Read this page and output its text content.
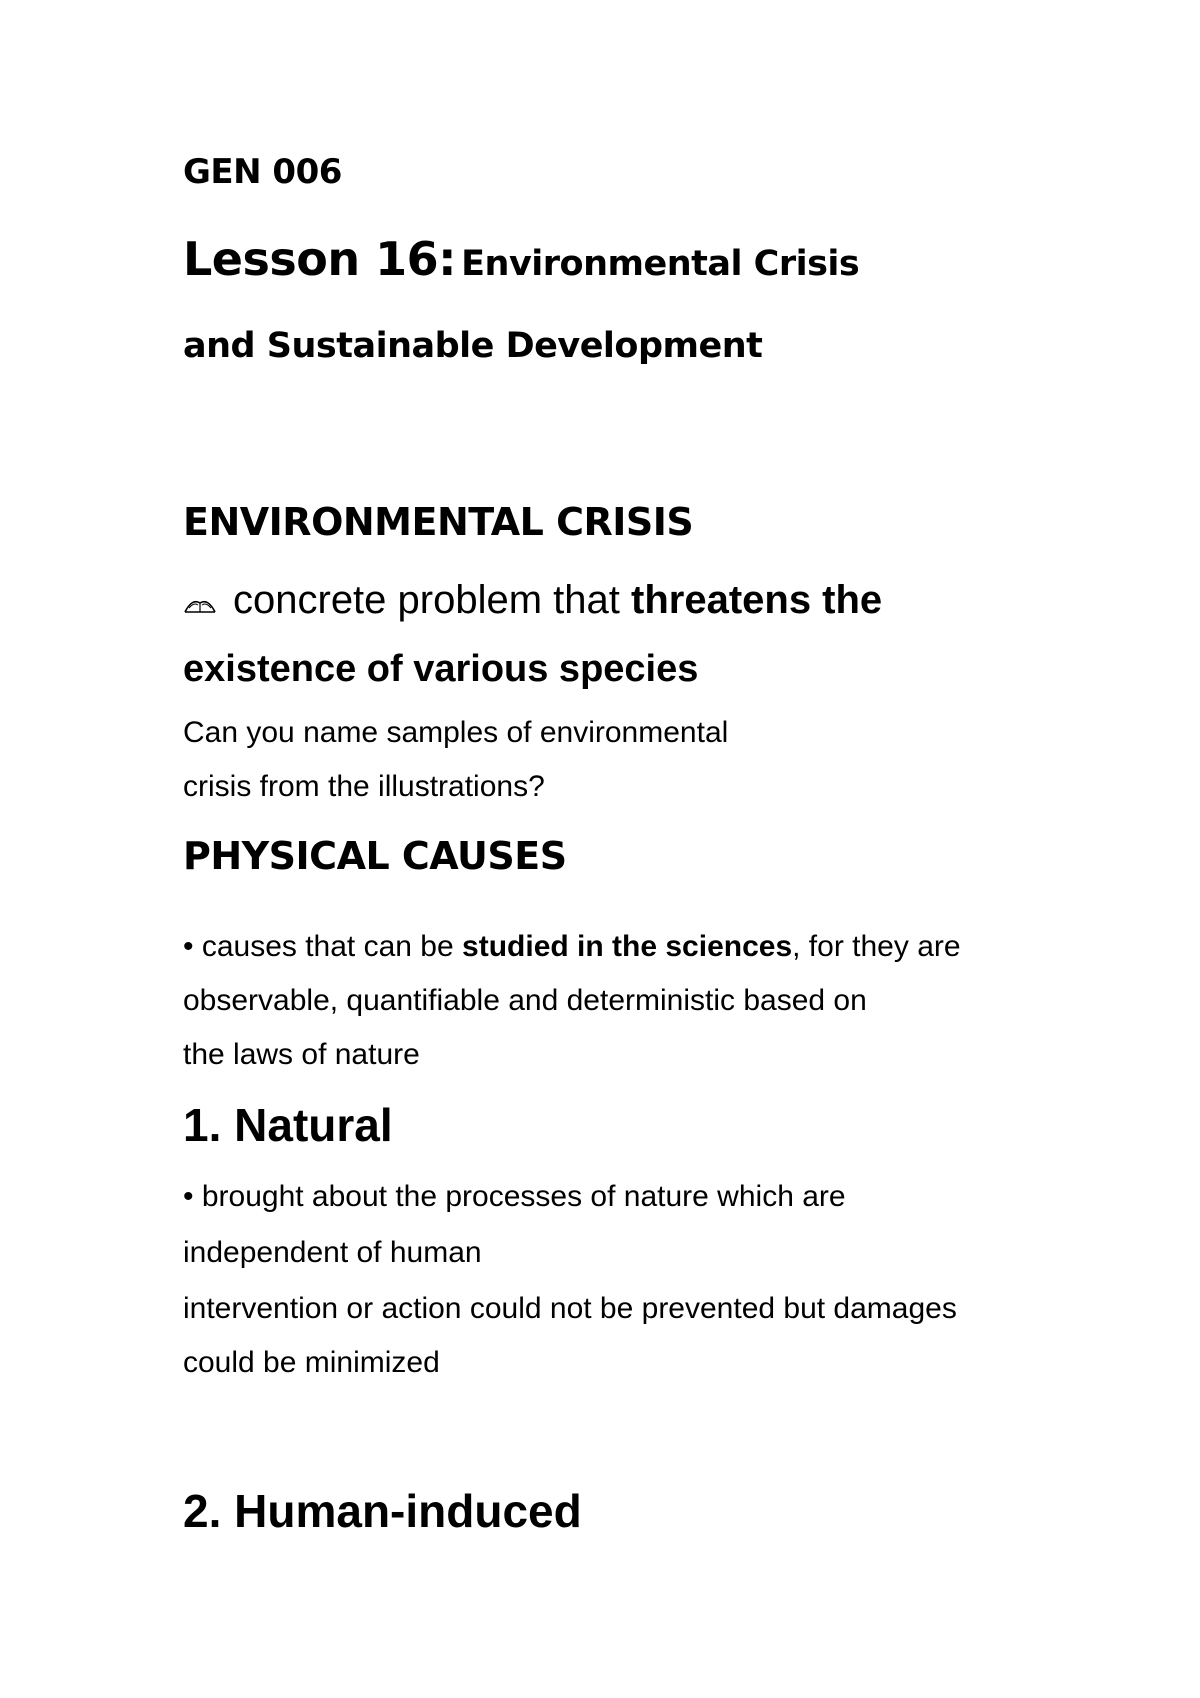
GEN 006

Lesson 16: Environmental Crisis

and Sustainable Development

ENVIRONMENTAL CRISIS

concrete problem that threatens the

existence of various species

Can you name samples of environmental

crisis from the illustrations?

PHYSICAL CAUSES

• causes that can be studied in the sciences, for they are

observable, quantifiable and deterministic based on

the laws of nature

1. Natural

• brought about the processes of nature which are

independent of human

intervention or action could not be prevented but damages

could be minimized

2. Human-induced
